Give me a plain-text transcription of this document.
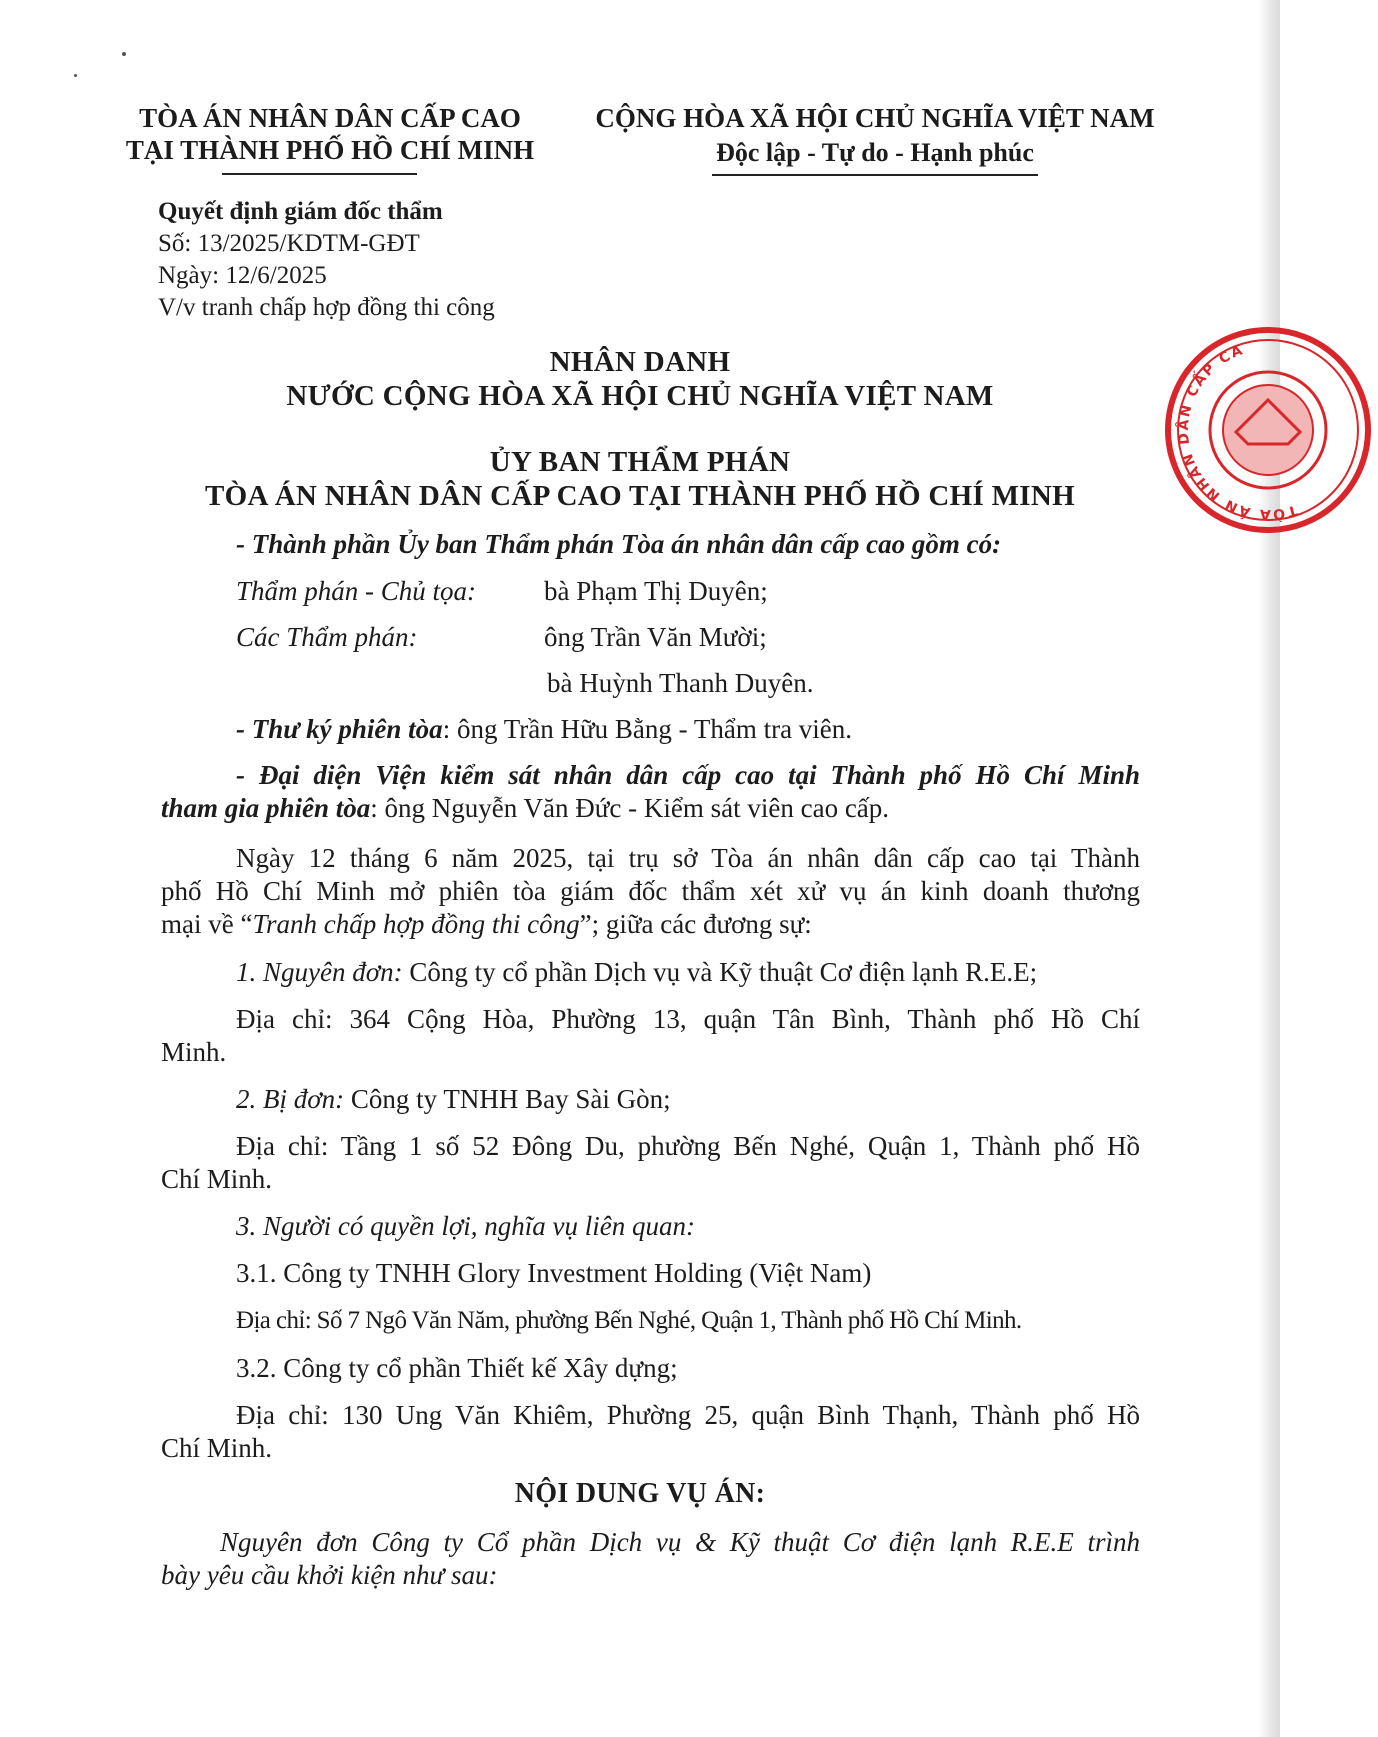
TÒA ÁN NHÂN DÂN CẤP CAO
TẠI THÀNH PHỐ HỒ CHÍ MINH
CỘNG HÒA XÃ HỘI CHỦ NGHĨA VIỆT NAM
Độc lập - Tự do - Hạnh phúc
Quyết định giám đốc thẩm
Số: 13/2025/KDTM-GĐT
Ngày: 12/6/2025
V/v tranh chấp hợp đồng thi công
TÒA ÁN NHÂN DÂN CẤP CAO
NHÂN DANH
NƯỚC CỘNG HÒA XÃ HỘI CHỦ NGHĨA VIỆT NAM
ỦY BAN THẨM PHÁN
TÒA ÁN NHÂN DÂN CẤP CAO TẠI THÀNH PHỐ HỒ CHÍ MINH
- Thành phần Ủy ban Thẩm phán Tòa án nhân dân cấp cao gồm có:
Thẩm phán - Chủ tọa:	bà Phạm Thị Duyên;
Các Thẩm phán:	ông Trần Văn Mười;
bà Huỳnh Thanh Duyên.
- Thư ký phiên tòa: ông Trần Hữu Bằng - Thẩm tra viên.
- Đại diện Viện kiểm sát nhân dân cấp cao tại Thành phố Hồ Chí Minh
tham gia phiên tòa: ông Nguyễn Văn Đức - Kiểm sát viên cao cấp.
Ngày 12 tháng 6 năm 2025, tại trụ sở Tòa án nhân dân cấp cao tại Thành
phố Hồ Chí Minh mở phiên tòa giám đốc thẩm xét xử vụ án kinh doanh thương
mại về “Tranh chấp hợp đồng thi công”; giữa các đương sự:
1. Nguyên đơn: Công ty cổ phần Dịch vụ và Kỹ thuật Cơ điện lạnh R.E.E;
Địa chỉ: 364 Cộng Hòa, Phường 13, quận Tân Bình, Thành phố Hồ Chí
Minh.
2. Bị đơn: Công ty TNHH Bay Sài Gòn;
Địa chỉ: Tầng 1 số 52 Đông Du, phường Bến Nghé, Quận 1, Thành phố Hồ
Chí Minh.
3. Người có quyền lợi, nghĩa vụ liên quan:
3.1. Công ty TNHH Glory Investment Holding (Việt Nam)
Địa chỉ: Số 7 Ngô Văn Năm, phường Bến Nghé, Quận 1, Thành phố Hồ Chí Minh.
3.2. Công ty cổ phần Thiết kế Xây dựng;
Địa chỉ: 130 Ung Văn Khiêm, Phường 25, quận Bình Thạnh, Thành phố Hồ
Chí Minh.
NỘI DUNG VỤ ÁN:
Nguyên đơn Công ty Cổ phần Dịch vụ & Kỹ thuật Cơ điện lạnh R.E.E trình
bày yêu cầu khởi kiện như sau:
